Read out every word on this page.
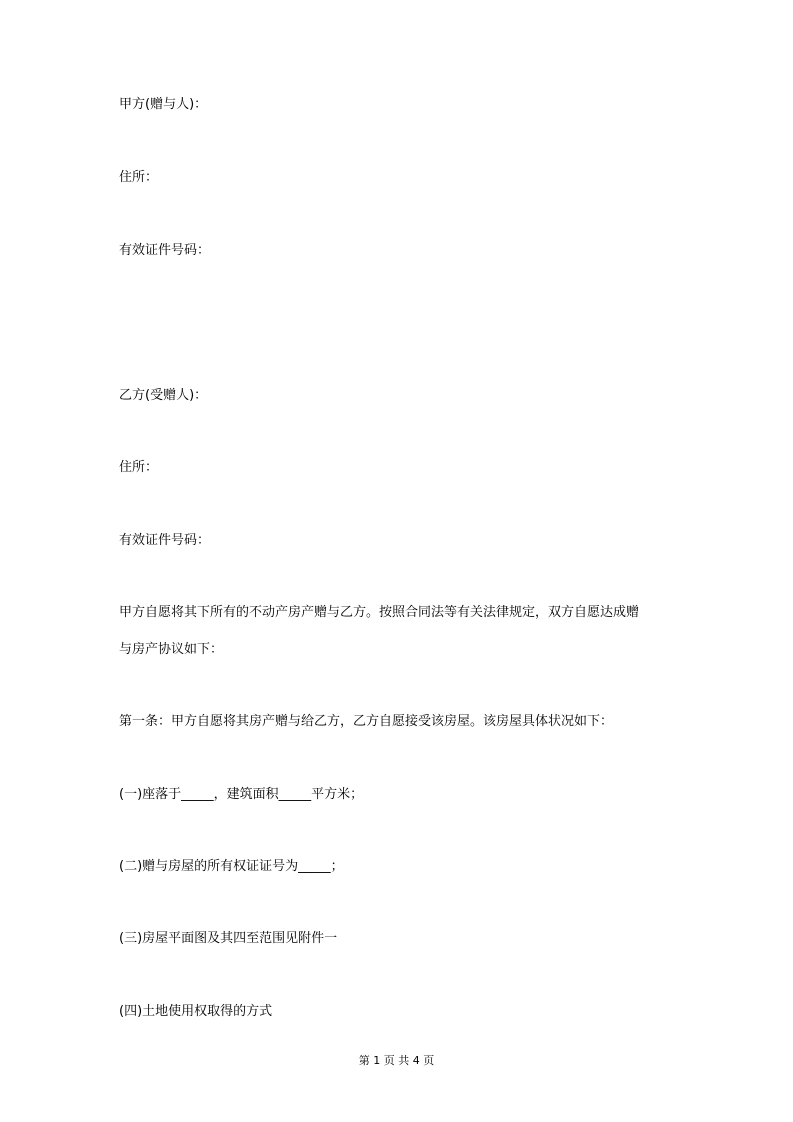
甲方(赠与人)：

住所：

有效证件号码：

乙方(受赠人)：

住所：

有效证件号码：

甲方自愿将其下所有的不动产房产赠与乙方。按照合同法等有关法律规定，双方自愿达成赠

与房产协议如下：

第一条：甲方自愿将其房产赠与给乙方，乙方自愿接受该房屋。该房屋具体状况如下：

(一)座落于_____，建筑面积_____平方米；

(二)赠与房屋的所有权证证号为_____；

(三)房屋平面图及其四至范围见附件一

(四)土地使用权取得的方式

第 1 页 共 4 页
